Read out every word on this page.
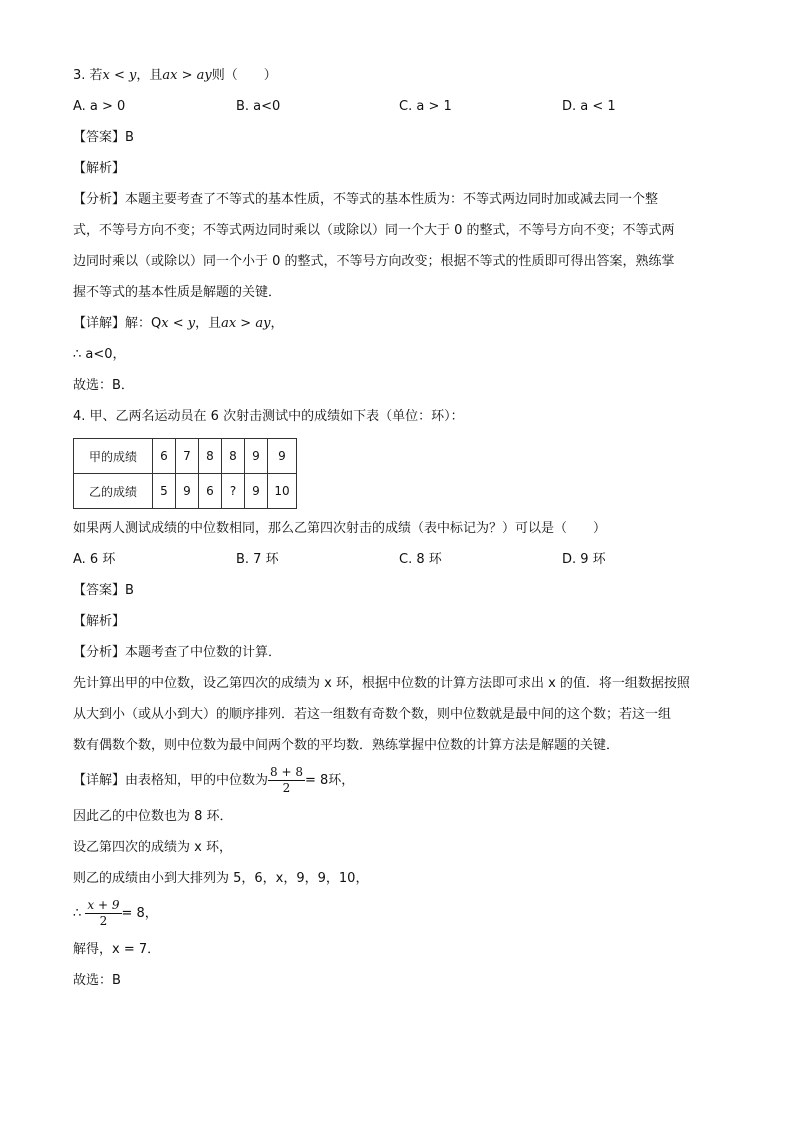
3. 若x < y，且ax > ay则（　　）
A. a > 0	B. a<0	C. a > 1	D. a < 1
【答案】B
【解析】
【分析】本题主要考查了不等式的基本性质，不等式的基本性质为：不等式两边同时加或减去同一个整
式，不等号方向不变；不等式两边同时乘以（或除以）同一个大于 0 的整式，不等号方向不变；不等式两
边同时乘以（或除以）同一个小于 0 的整式，不等号方向改变；根据不等式的性质即可得出答案，熟练掌
握不等式的基本性质是解题的关键．
【详解】解：Qx < y，且ax > ay，
∴ a<0，
故选：B．
4. 甲、乙两名运动员在 6 次射击测试中的成绩如下表（单位：环）：
甲的成绩	6	7	8	8	9	9
乙的成绩	5	9	6	?	9	10
如果两人测试成绩的中位数相同，那么乙第四次射击的成绩（表中标记为？）可以是（　　）
A. 6 环	B. 7 环	C. 8 环	D. 9 环
【答案】B
【解析】
【分析】本题考查了中位数的计算．
先计算出甲的中位数，设乙第四次的成绩为 x 环，根据中位数的计算方法即可求出 x 的值．将一组数据按照
从大到小（或从小到大）的顺序排列．若这一组数有奇数个数，则中位数就是最中间的这个数；若这一组
数有偶数个数，则中位数为最中间两个数的平均数．熟练掌握中位数的计算方法是解题的关键．
【详解】由表格知，甲的中位数为 $\frac{8 + 8}{2} = 8$环，
因此乙的中位数也为 8 环．
设乙第四次的成绩为 x 环，
则乙的成绩由小到大排列为 5，6，x，9，9，10，
∴ $\frac{x + 9}{2} = 8$，
解得，x = 7．
故选：B
